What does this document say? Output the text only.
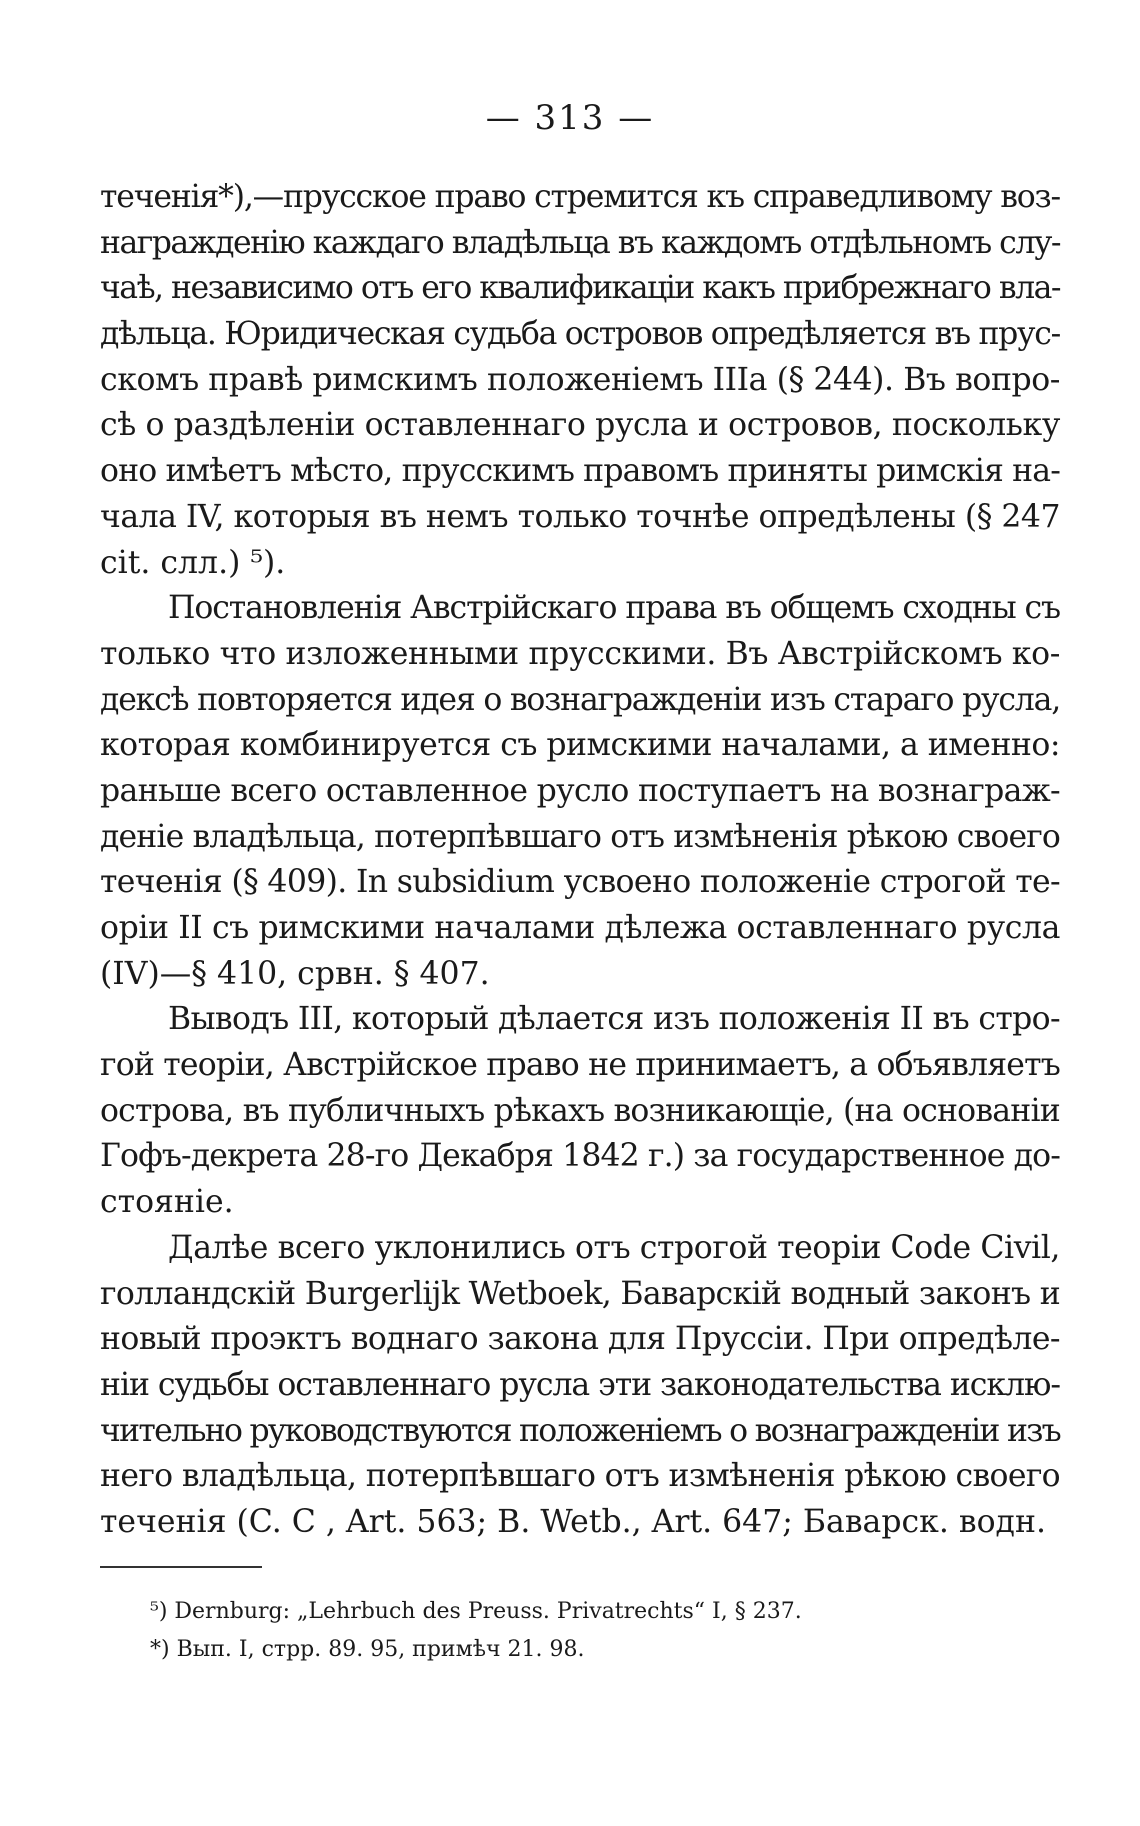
— 313 —
теченія*),—прусское право стремится къ справедливому воз-
награжденію каждаго владѣльца въ каждомъ отдѣльномъ слу-
чаѣ, независимо отъ его квалификаціи какъ прибрежнаго вла-
дѣльца. Юридическая судьба островов опредѣляется въ прус-
скомъ правѣ римскимъ положеніемъ IIIa (§ 244). Въ вопро-
сѣ о раздѣленіи оставленнаго русла и островов, поскольку
оно имѣетъ мѣсто, прусскимъ правомъ приняты римскія на-
чала IV, которыя въ немъ только точнѣе опредѣлены (§ 247
cit. слл.) ⁵).
Постановленія Австрійскаго права въ общемъ сходны съ
только что изложенными прусскими. Въ Австрійскомъ ко-
дексѣ повторяется идея о вознагражденіи изъ стараго русла,
которая комбинируется съ римскими началами, а именно:
раньше всего оставленное русло поступаетъ на вознаграж-
деніе владѣльца, потерпѣвшаго отъ измѣненія рѣкою своего
теченія (§ 409). In subsidium усвоено положеніе строгой те-
оріи II съ римскими началами дѣлежа оставленнаго русла
(IV)—§ 410, срвн. § 407.
Выводъ III, который дѣлается изъ положенія II въ стро-
гой теоріи, Австрійское право не принимаетъ, а объявляетъ
острова, въ публичныхъ рѣкахъ возникающіе, (на основаніи
Гофъ-декрета 28-го Декабря 1842 г.) за государственное до-
стояніе.
Далѣе всего уклонились отъ строгой теоріи Code Civil,
голландскій Burgerlijk Wetboek, Баварскій водный законъ и
новый проэктъ воднаго закона для Пруссіи. При опредѣле-
ніи судьбы оставленнаго русла эти законодательства исклю-
чительно руководствуются положеніемъ о вознагражденіи изъ
него владѣльца, потерпѣвшаго отъ измѣненія рѣкою своего
теченія (C. C , Art. 563; B. Wetb., Art. 647; Баварск. водн.
⁵) Dernburg: „Lehrbuch des Preuss. Privatrechts“ I, § 237.
*) Вып. I, стрр. 89. 95, примѣч 21. 98.
